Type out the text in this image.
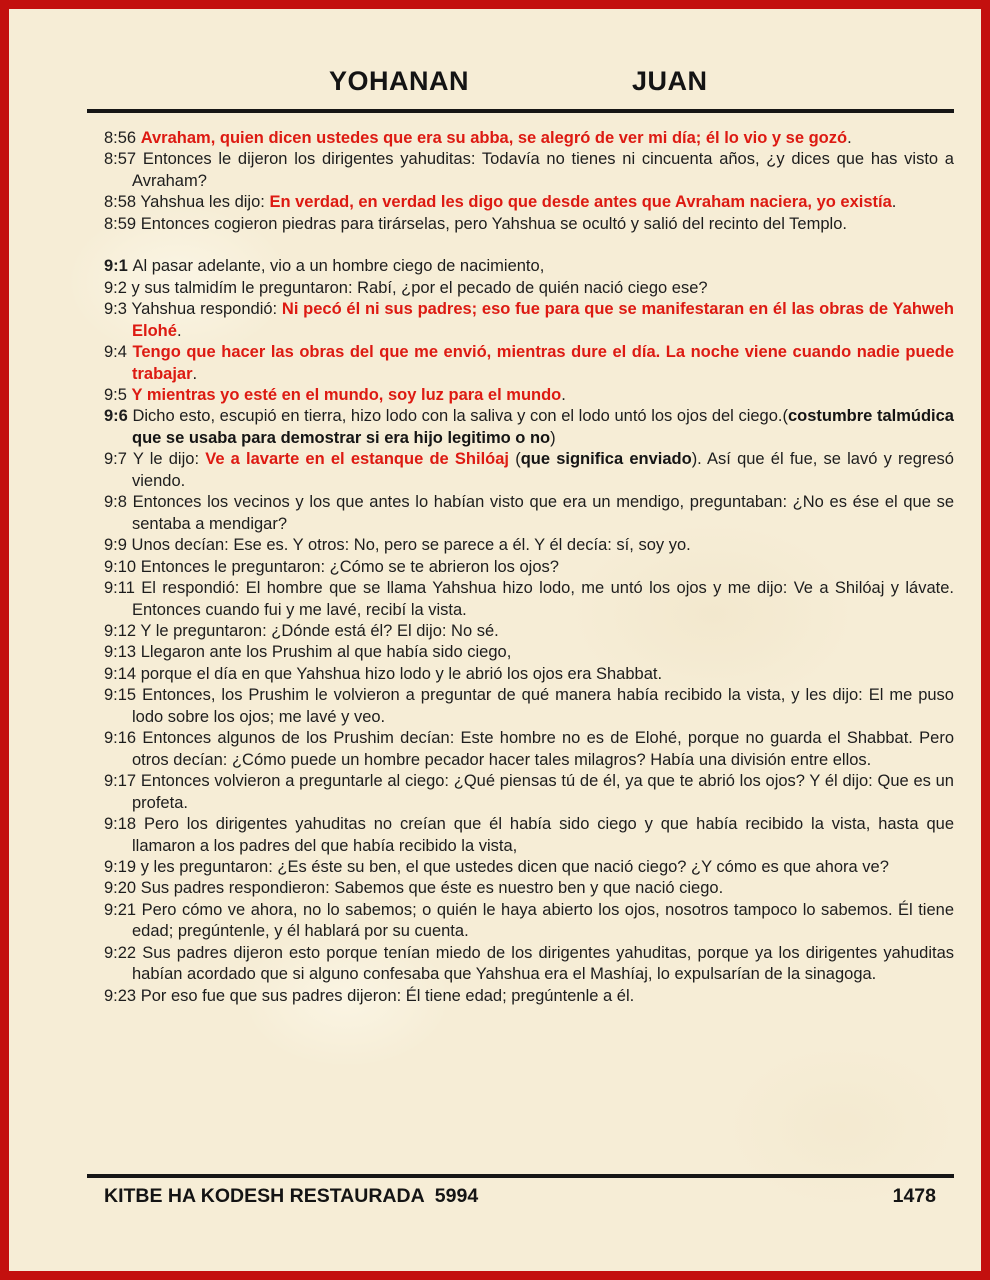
YOHANAN	JUAN

8:56 Avraham, quien dicen ustedes que era su abba, se alegró de ver mi día; él lo vio y se gozó.

8:57 Entonces le dijeron los dirigentes yahuditas: Todavía no tienes ni cincuenta años, ¿y dices que has visto a Avraham?

8:58 Yahshua les dijo: En verdad, en verdad les digo que desde antes que Avraham naciera, yo existía.

8:59 Entonces cogieron piedras para tirárselas, pero Yahshua se ocultó y salió del recinto del Templo.

9:1 Al pasar adelante, vio a un hombre ciego de nacimiento,

9:2 y sus talmidím le preguntaron: Rabí, ¿por el pecado de quién nació ciego ese?

9:3 Yahshua respondió: Ni pecó él ni sus padres; eso fue para que se manifestaran en él las obras de Yahweh Elohé.

9:4 Tengo que hacer las obras del que me envió, mientras dure el día. La noche viene cuando nadie puede trabajar.

9:5 Y mientras yo esté en el mundo, soy luz para el mundo.

9:6 Dicho esto, escupió en tierra, hizo lodo con la saliva y con el lodo untó los ojos del ciego.(costumbre talmúdica que se usaba para demostrar si era hijo legitimo o no)

9:7 Y le dijo: Ve a lavarte en el estanque de Shilóaj (que significa enviado). Así que él fue, se lavó y regresó viendo.

9:8 Entonces los vecinos y los que antes lo habían visto que era un mendigo, preguntaban: ¿No es ése el que se sentaba a mendigar?

9:9 Unos decían: Ese es. Y otros: No, pero se parece a él. Y él decía: sí, soy yo.

9:10 Entonces le preguntaron: ¿Cómo se te abrieron los ojos?

9:11 El respondió: El hombre que se llama Yahshua hizo lodo, me untó los ojos y me dijo: Ve a Shilóaj y lávate. Entonces cuando fui y me lavé, recibí la vista.

9:12 Y le preguntaron: ¿Dónde está él? El dijo: No sé.

9:13 Llegaron ante los Prushim al que había sido ciego,

9:14 porque el día en que Yahshua hizo lodo y le abrió los ojos era Shabbat.

9:15 Entonces, los Prushim le volvieron a preguntar de qué manera había recibido la vista, y les dijo: El me puso lodo sobre los ojos; me lavé y veo.

9:16 Entonces algunos de los Prushim decían: Este hombre no es de Elohé, porque no guarda el Shabbat. Pero otros decían: ¿Cómo puede un hombre pecador hacer tales milagros? Había una división entre ellos.

9:17 Entonces volvieron a preguntarle al ciego: ¿Qué piensas tú de él, ya que te abrió los ojos? Y él dijo: Que es un profeta.

9:18 Pero los dirigentes yahuditas no creían que él había sido ciego y que había recibido la vista, hasta que llamaron a los padres del que había recibido la vista,

9:19 y les preguntaron: ¿Es éste su ben, el que ustedes dicen que nació ciego? ¿Y cómo es que ahora ve?

9:20 Sus padres respondieron: Sabemos que éste es nuestro ben y que nació ciego.

9:21 Pero cómo ve ahora, no lo sabemos; o quién le haya abierto los ojos, nosotros tampoco lo sabemos. Él tiene edad; pregúntenle, y él hablará por su cuenta.

9:22 Sus padres dijeron esto porque tenían miedo de los dirigentes yahuditas, porque ya los dirigentes yahuditas habían acordado que si alguno confesaba que Yahshua era el Mashíaj, lo expulsarían de la sinagoga.

9:23 Por eso fue que sus padres dijeron: Él tiene edad; pregúntenle a él.

KITBE HA KODESH RESTAURADA  5994	1478
